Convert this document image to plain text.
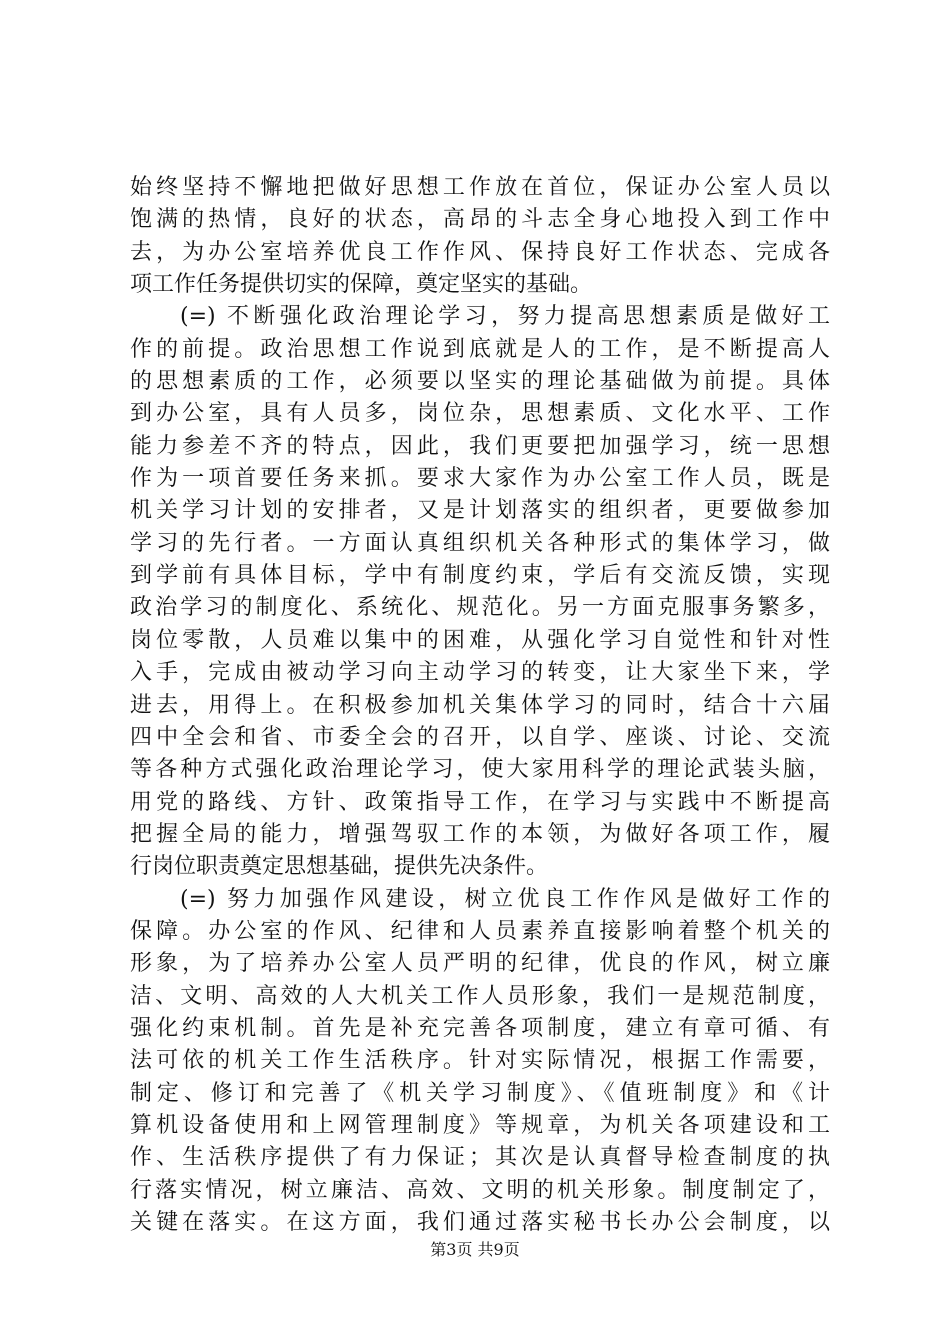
始终坚持不懈地把做好思想工作放在首位，保证办公室人员以
饱满的热情，良好的状态，高昂的斗志全身心地投入到工作中
去，为办公室培养优良工作作风、保持良好工作状态、完成各
项工作任务提供切实的保障，奠定坚实的基础。
(=) 不断强化政治理论学习，努力提高思想素质是做好工
作的前提。政治思想工作说到底就是人的工作，是不断提高人
的思想素质的工作，必须要以坚实的理论基础做为前提。具体
到办公室，具有人员多，岗位杂，思想素质、文化水平、工作
能力参差不齐的特点，因此，我们更要把加强学习，统一思想
作为一项首要任务来抓。要求大家作为办公室工作人员，既是
机关学习计划的安排者，又是计划落实的组织者，更要做参加
学习的先行者。一方面认真组织机关各种形式的集体学习，做
到学前有具体目标，学中有制度约束，学后有交流反馈，实现
政治学习的制度化、系统化、规范化。另一方面克服事务繁多，
岗位零散，人员难以集中的困难，从强化学习自觉性和针对性
入手，完成由被动学习向主动学习的转变，让大家坐下来，学
进去，用得上。在积极参加机关集体学习的同时，结合十六届
四中全会和省、市委全会的召开，以自学、座谈、讨论、交流
等各种方式强化政治理论学习，使大家用科学的理论武装头脑，
用党的路线、方针、政策指导工作，在学习与实践中不断提高
把握全局的能力，增强驾驭工作的本领，为做好各项工作，履
行岗位职责奠定思想基础，提供先决条件。
(=) 努力加强作风建设，树立优良工作作风是做好工作的
保障。办公室的作风、纪律和人员素养直接影响着整个机关的
形象，为了培养办公室人员严明的纪律，优良的作风，树立廉
洁、文明、高效的人大机关工作人员形象，我们一是规范制度，
强化约束机制。首先是补充完善各项制度，建立有章可循、有
法可依的机关工作生活秩序。针对实际情况，根据工作需要，
制定、修订和完善了《机关学习制度》、《值班制度》和《计
算机设备使用和上网管理制度》等规章，为机关各项建设和工
作、生活秩序提供了有力保证；其次是认真督导检查制度的执
行落实情况，树立廉洁、高效、文明的机关形象。制度制定了，
关键在落实。在这方面，我们通过落实秘书长办公会制度，以
第3页 共9页
